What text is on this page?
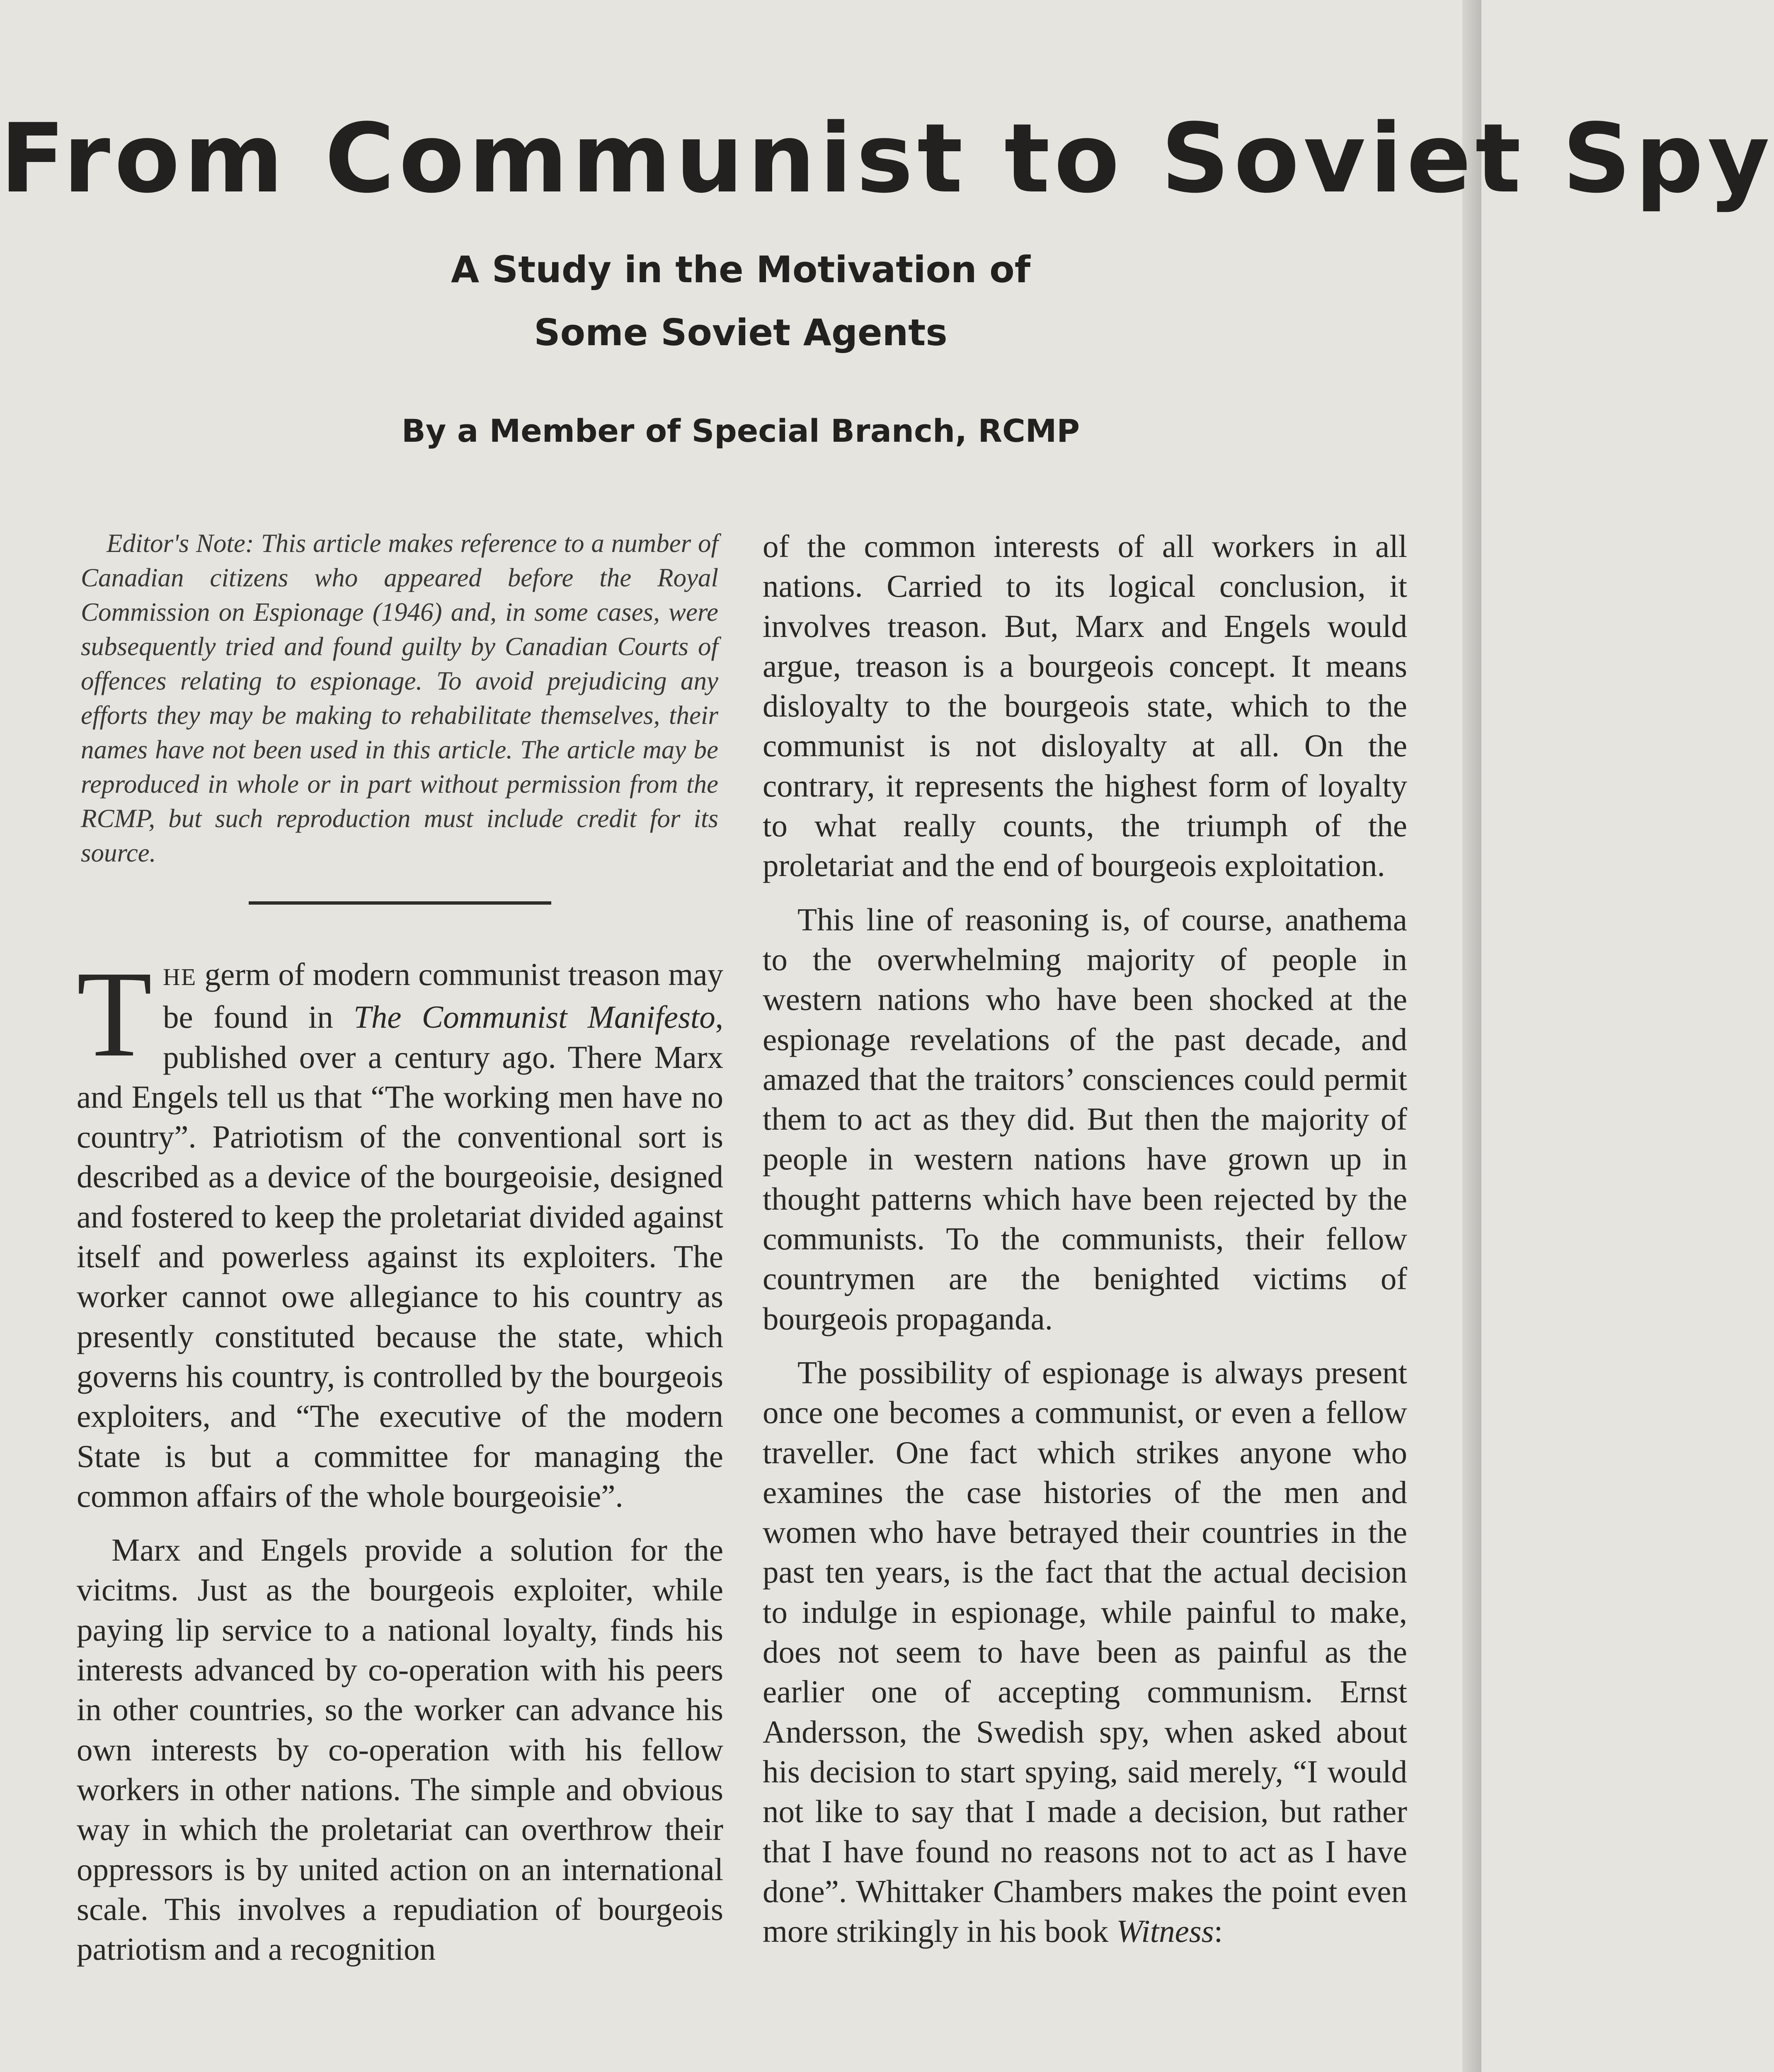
From Communist to Soviet Spy
A Study in the Motivation of
Some Soviet Agents
By a Member of Special Branch, RCMP

Editor's Note: This article makes reference to a number of Canadian citizens who appeared before the Royal Commission on Espionage (1946) and, in some cases, were subsequently tried and found guilty by Canadian Courts of offences relating to espionage. To avoid prejudicing any efforts they may be making to rehabilitate themselves, their names have not been used in this article. The article may be reproduced in whole or in part without permission from the RCMP, but such reproduction must include credit for its source.

THE germ of modern communist treason may be found in The Communist Manifesto, published over a century ago. There Marx and Engels tell us that “The working men have no country”. Patriotism of the conventional sort is described as a device of the bourgeoisie, designed and fostered to keep the proletariat divided against itself and powerless against its exploiters. The worker cannot owe allegiance to his country as presently constituted because the state, which governs his country, is controlled by the bourgeois exploiters, and “The executive of the modern State is but a committee for managing the common affairs of the whole bourgeoisie”.

Marx and Engels provide a solution for the vicitms. Just as the bourgeois exploiter, while paying lip service to a national loyalty, finds his interests advanced by co-operation with his peers in other countries, so the worker can advance his own interests by co-operation with his fellow workers in other nations. The simple and obvious way in which the proletariat can overthrow their oppressors is by united action on an international scale. This involves a repudiation of bourgeois patriotism and a recognition

of the common interests of all workers in all nations. Carried to its logical conclusion, it involves treason. But, Marx and Engels would argue, treason is a bourgeois concept. It means disloyalty to the bourgeois state, which to the communist is not disloyalty at all. On the contrary, it represents the highest form of loyalty to what really counts, the triumph of the proletariat and the end of bourgeois exploitation.

This line of reasoning is, of course, anathema to the overwhelming majority of people in western nations who have been shocked at the espionage revelations of the past decade, and amazed that the traitors’ consciences could permit them to act as they did. But then the majority of people in western nations have grown up in thought patterns which have been rejected by the communists. To the communists, their fellow countrymen are the benighted victims of bourgeois propaganda.

The possibility of espionage is always present once one becomes a communist, or even a fellow traveller. One fact which strikes anyone who examines the case histories of the men and women who have betrayed their countries in the past ten years, is the fact that the actual decision to indulge in espionage, while painful to make, does not seem to have been as painful as the earlier one of accepting communism. Ernst Andersson, the Swedish spy, when asked about his decision to start spying, said merely, “I would not like to say that I made a decision, but rather that I have found no reasons not to act as I have done”. Whittaker Chambers makes the point even more strikingly in his book Witness:
